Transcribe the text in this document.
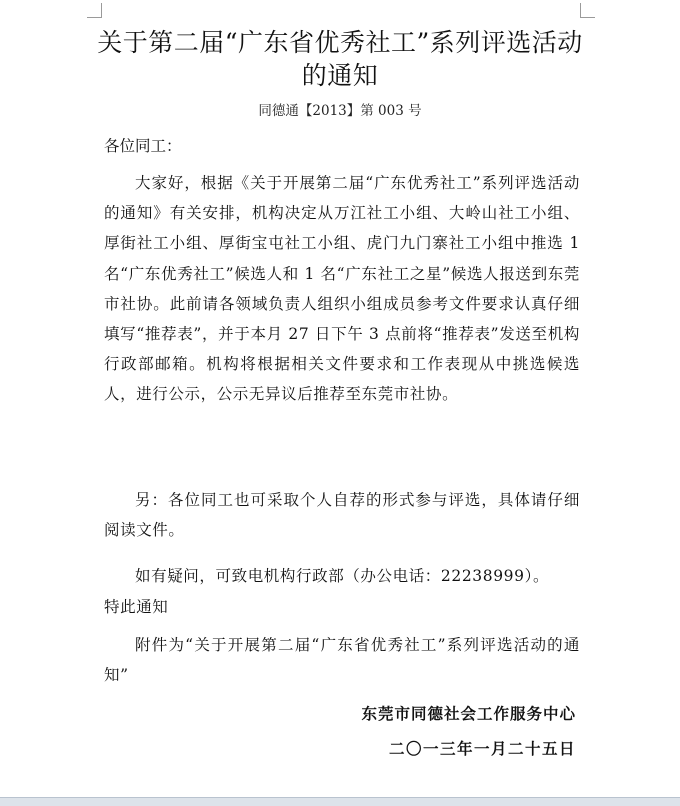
关于第二届“广东省优秀社工”系列评选活动的通知
同德通【2013】第 003 号
各位同工：
大家好，根据《关于开展第二届“广东优秀社工”系列评选活动的通知》有关安排，机构决定从万江社工小组、大岭山社工小组、厚街社工小组、厚街宝屯社工小组、虎门九门寨社工小组中推选 1 名“广东优秀社工”候选人和 1 名“广东社工之星”候选人报送到东莞市社协。此前请各领域负责人组织小组成员参考文件要求认真仔细填写“推荐表”，并于本月 27 日下午 3 点前将“推荐表”发送至机构行政部邮箱。机构将根据相关文件要求和工作表现从中挑选候选人，进行公示，公示无异议后推荐至东莞市社协。
另：各位同工也可采取个人自荐的形式参与评选，具体请仔细阅读文件。
如有疑问，可致电机构行政部（办公电话：22238999）。
特此通知
附件为“关于开展第二届“广东省优秀社工”系列评选活动的通知”
东莞市同德社会工作服务中心
二〇一三年一月二十五日
